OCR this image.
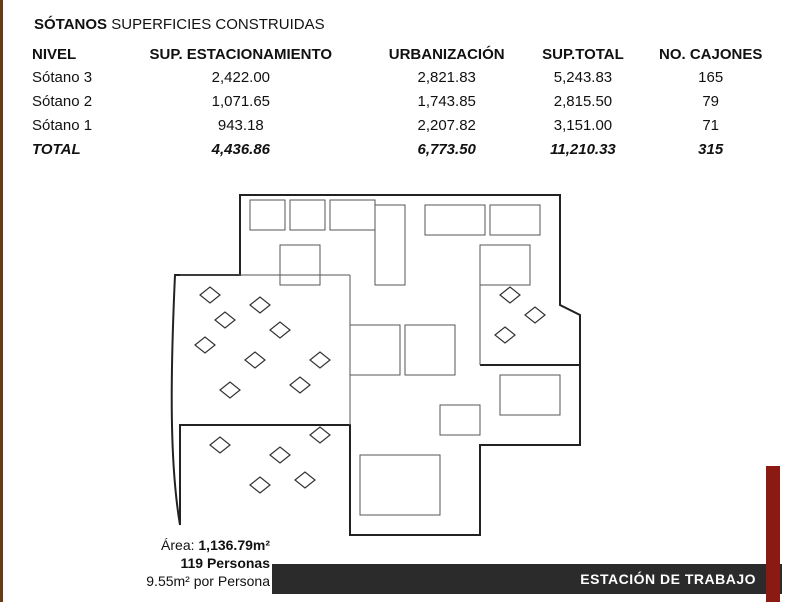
SÓTANOS SUPERFICIES CONSTRUIDAS
NIVEL	SUP. ESTACIONAMIENTO	URBANIZACIÓN	SUP.TOTAL	NO. CAJONES
Sótano 3	2,422.00	2,821.83	5,243.83	165
Sótano 2	1,071.65	1,743.85	2,815.50	79
Sótano 1	943.18	2,207.82	3,151.00	71
TOTAL	4,436.86	6,773.50	11,210.33	315
Área: 1,136.79m²
119 Personas
9.55m² por Persona	ESTACIÓN DE TRABAJO
